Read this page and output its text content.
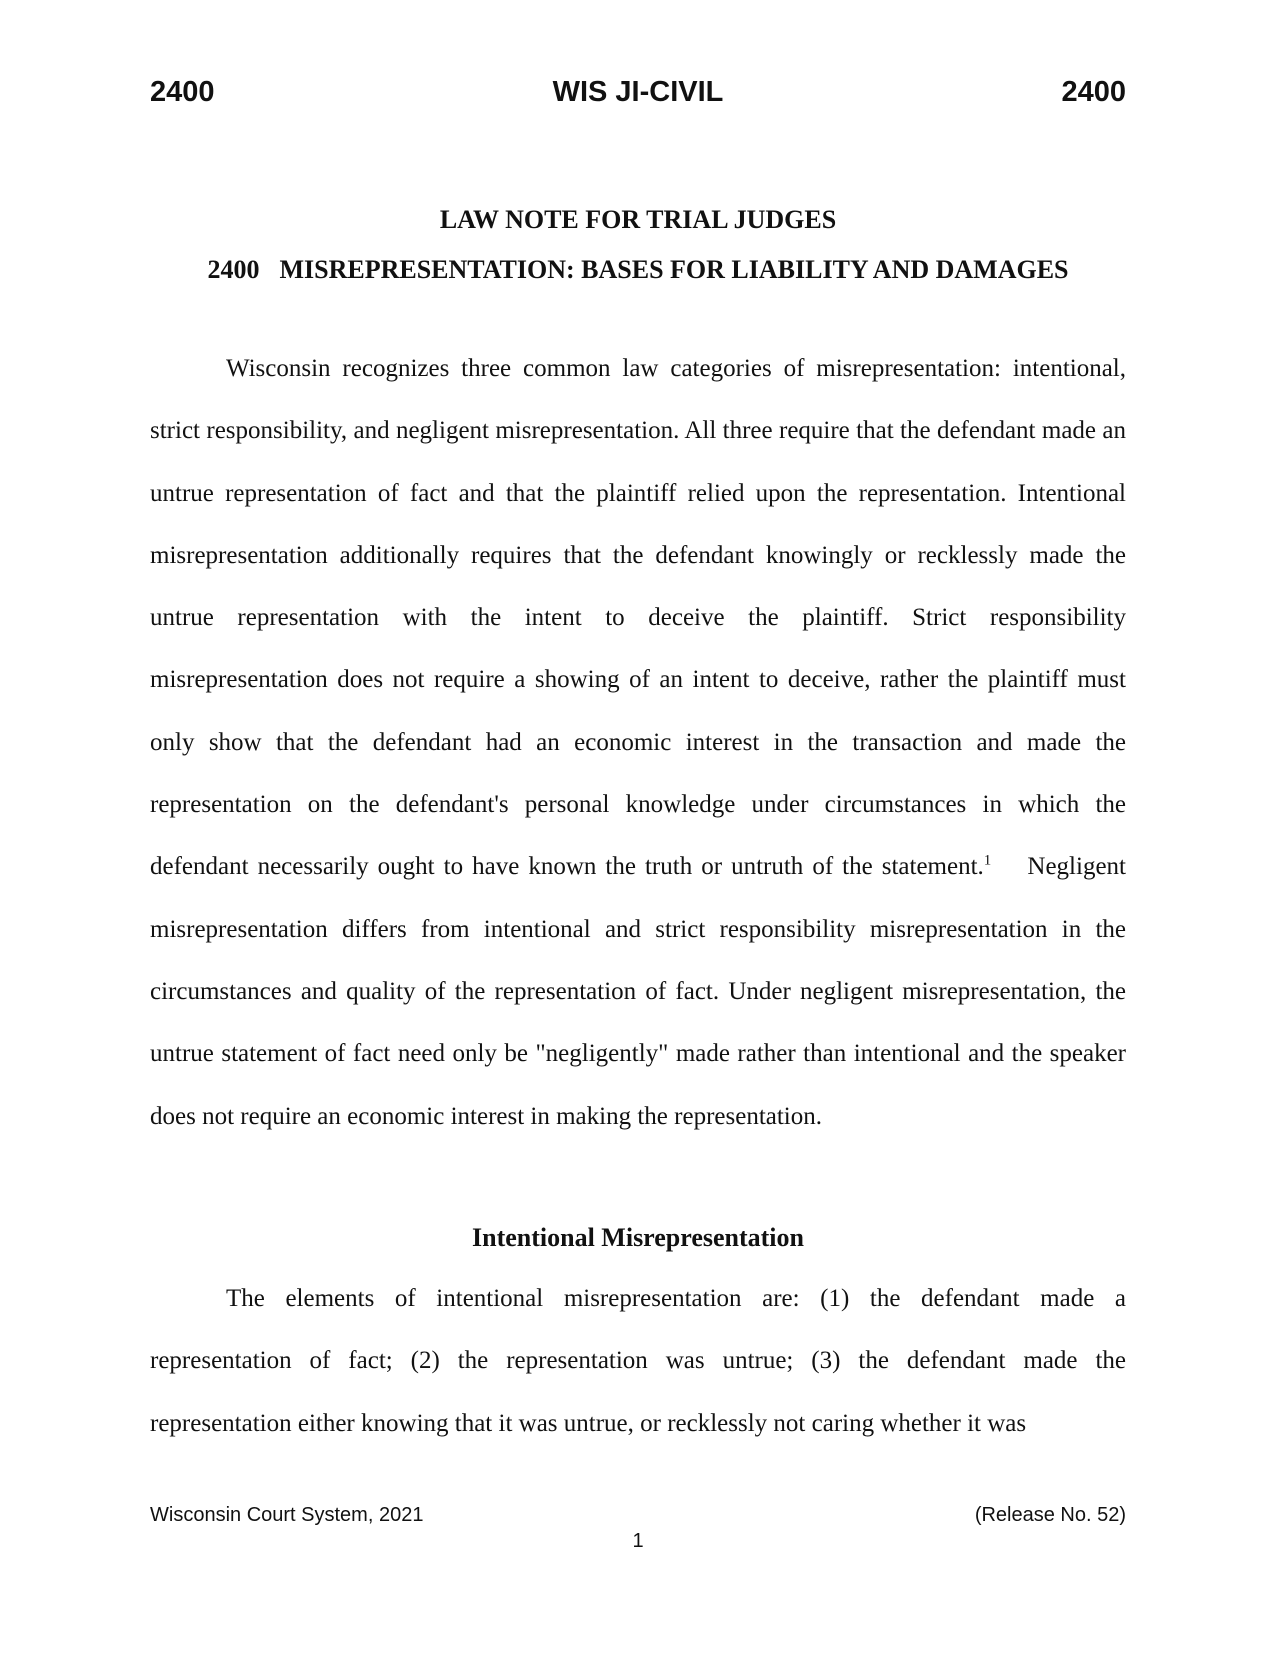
2400	WIS JI-CIVIL	2400
LAW NOTE FOR TRIAL JUDGES
2400 MISREPRESENTATION: BASES FOR LIABILITY AND DAMAGES

Wisconsin recognizes three common law categories of misrepresentation: intentional, strict responsibility, and negligent misrepresentation. All three require that the defendant made an untrue representation of fact and that the plaintiff relied upon the representation. Intentional misrepresentation additionally requires that the defendant knowingly or recklessly made the untrue representation with the intent to deceive the plaintiff. Strict responsibility misrepresentation does not require a showing of an intent to deceive, rather the plaintiff must only show that the defendant had an economic interest in the transaction and made the representation on the defendant's personal knowledge under circumstances in which the defendant necessarily ought to have known the truth or untruth of the statement.$^1$ Negligent misrepresentation differs from intentional and strict responsibility misrepresentation in the circumstances and quality of the representation of fact. Under negligent misrepresentation, the untrue statement of fact need only be "negligently" made rather than intentional and the speaker does not require an economic interest in making the representation.

Intentional Misrepresentation

The elements of intentional misrepresentation are: (1) the defendant made a representation of fact; (2) the representation was untrue; (3) the defendant made the representation either knowing that it was untrue, or recklessly not caring whether it was

Wisconsin Court System, 2021	(Release No. 52)
1
